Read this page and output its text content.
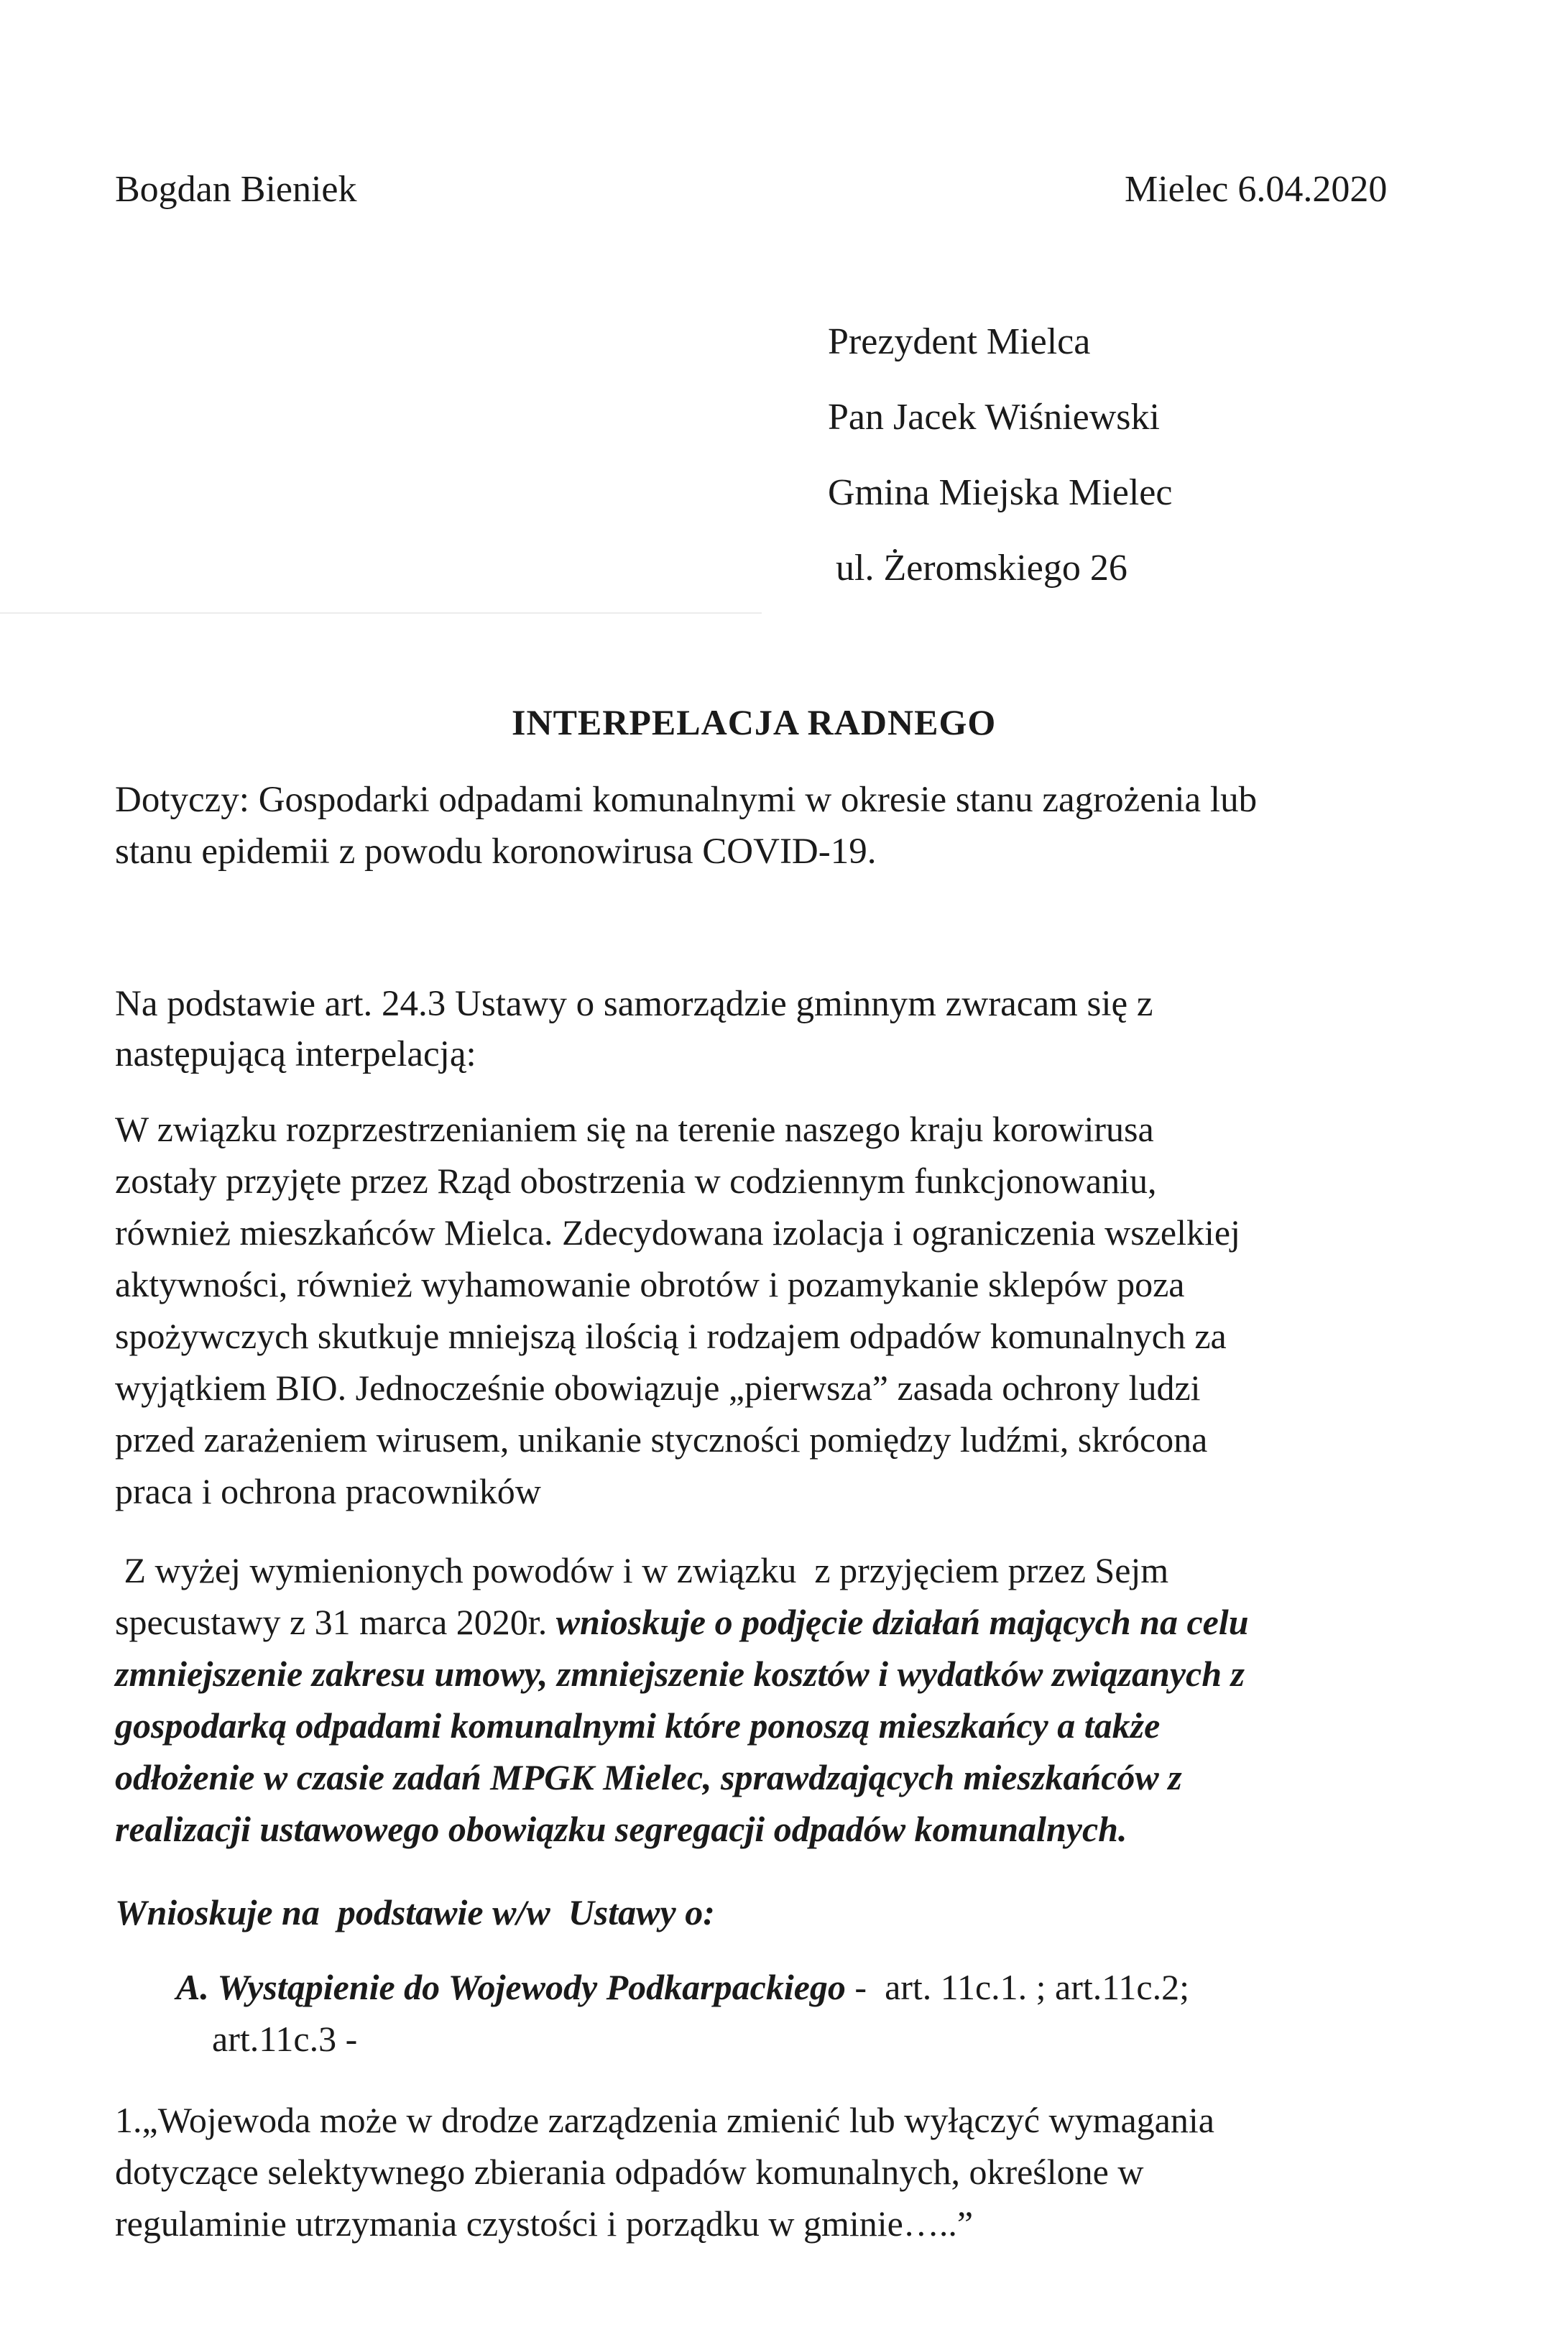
Bogdan Bieniek	Mielec 6.04.2020

Prezydent Mielca

Pan Jacek Wiśniewski

Gmina Miejska Mielec

ul. Żeromskiego 26

INTERPELACJA RADNEGO

Dotyczy: Gospodarki odpadami komunalnymi w okresie stanu zagrożenia lub

stanu epidemii z powodu koronowirusa COVID-19.

Na podstawie art. 24.3 Ustawy o samorządzie gminnym zwracam się z

następującą interpelacją:

W związku rozprzestrzenianiem się na terenie naszego kraju korowirusa

zostały przyjęte przez Rząd obostrzenia w codziennym funkcjonowaniu,

również mieszkańców Mielca. Zdecydowana izolacja i ograniczenia wszelkiej

aktywności, również wyhamowanie obrotów i pozamykanie sklepów poza

spożywczych skutkuje mniejszą ilością i rodzajem odpadów komunalnych za

wyjątkiem BIO. Jednocześnie obowiązuje „pierwsza” zasada ochrony ludzi

przed zarażeniem wirusem, unikanie styczności pomiędzy ludźmi, skrócona

praca i ochrona pracowników

Z wyżej wymienionych powodów i w związku  z przyjęciem przez Sejm

specustawy z 31 marca 2020r. wnioskuje o podjęcie działań mających na celu

zmniejszenie zakresu umowy, zmniejszenie kosztów i wydatków związanych z

gospodarką odpadami komunalnymi które ponoszą mieszkańcy a także

odłożenie w czasie zadań MPGK Mielec, sprawdzających mieszkańców z

realizacji ustawowego obowiązku segregacji odpadów komunalnych.

Wnioskuje na  podstawie w/w  Ustawy o:

A. Wystąpienie do Wojewody Podkarpackiego -  art. 11c.1. ; art.11c.2;

art.11c.3 -

1.„Wojewoda może w drodze zarządzenia zmienić lub wyłączyć wymagania

dotyczące selektywnego zbierania odpadów komunalnych, określone w

regulaminie utrzymania czystości i porządku w gminie…..”
